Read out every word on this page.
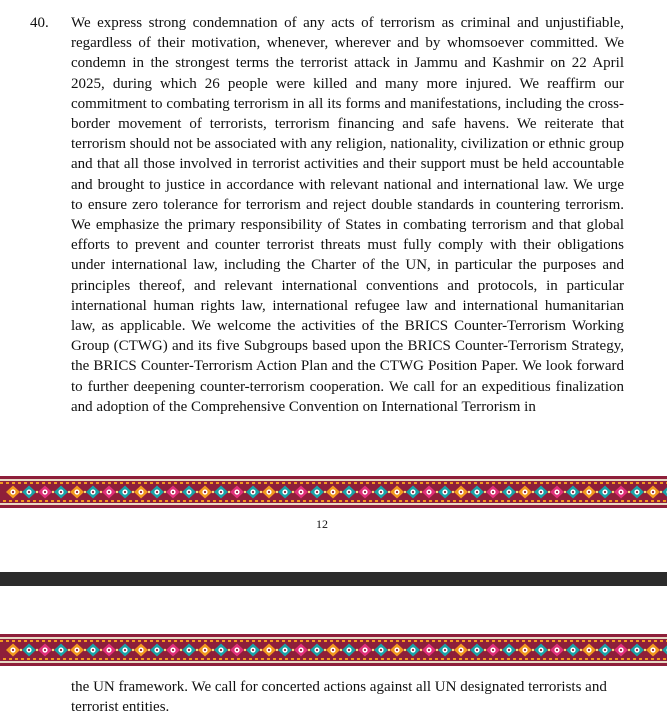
40. We express strong condemnation of any acts of terrorism as criminal and unjustifiable, regardless of their motivation, whenever, wherever and by whomsoever committed. We condemn in the strongest terms the terrorist attack in Jammu and Kashmir on 22 April 2025, during which 26 people were killed and many more injured. We reaffirm our commitment to combating terrorism in all its forms and manifestations, including the cross-border movement of terrorists, terrorism financing and safe havens. We reiterate that terrorism should not be associated with any religion, nationality, civilization or ethnic group and that all those involved in terrorist activities and their support must be held accountable and brought to justice in accordance with relevant national and international law. We urge to ensure zero tolerance for terrorism and reject double standards in countering terrorism. We emphasize the primary responsibility of States in combating terrorism and that global efforts to prevent and counter terrorist threats must fully comply with their obligations under international law, including the Charter of the UN, in particular the purposes and principles thereof, and relevant international conventions and protocols, in particular international human rights law, international refugee law and international humanitarian law, as applicable. We welcome the activities of the BRICS Counter-Terrorism Working Group (CTWG) and its five Subgroups based upon the BRICS Counter-Terrorism Strategy, the BRICS Counter-Terrorism Action Plan and the CTWG Position Paper. We look forward to further deepening counter-terrorism cooperation. We call for an expeditious finalization and adoption of the Comprehensive Convention on International Terrorism in

12

the UN framework. We call for concerted actions against all UN designated terrorists and terrorist entities.
